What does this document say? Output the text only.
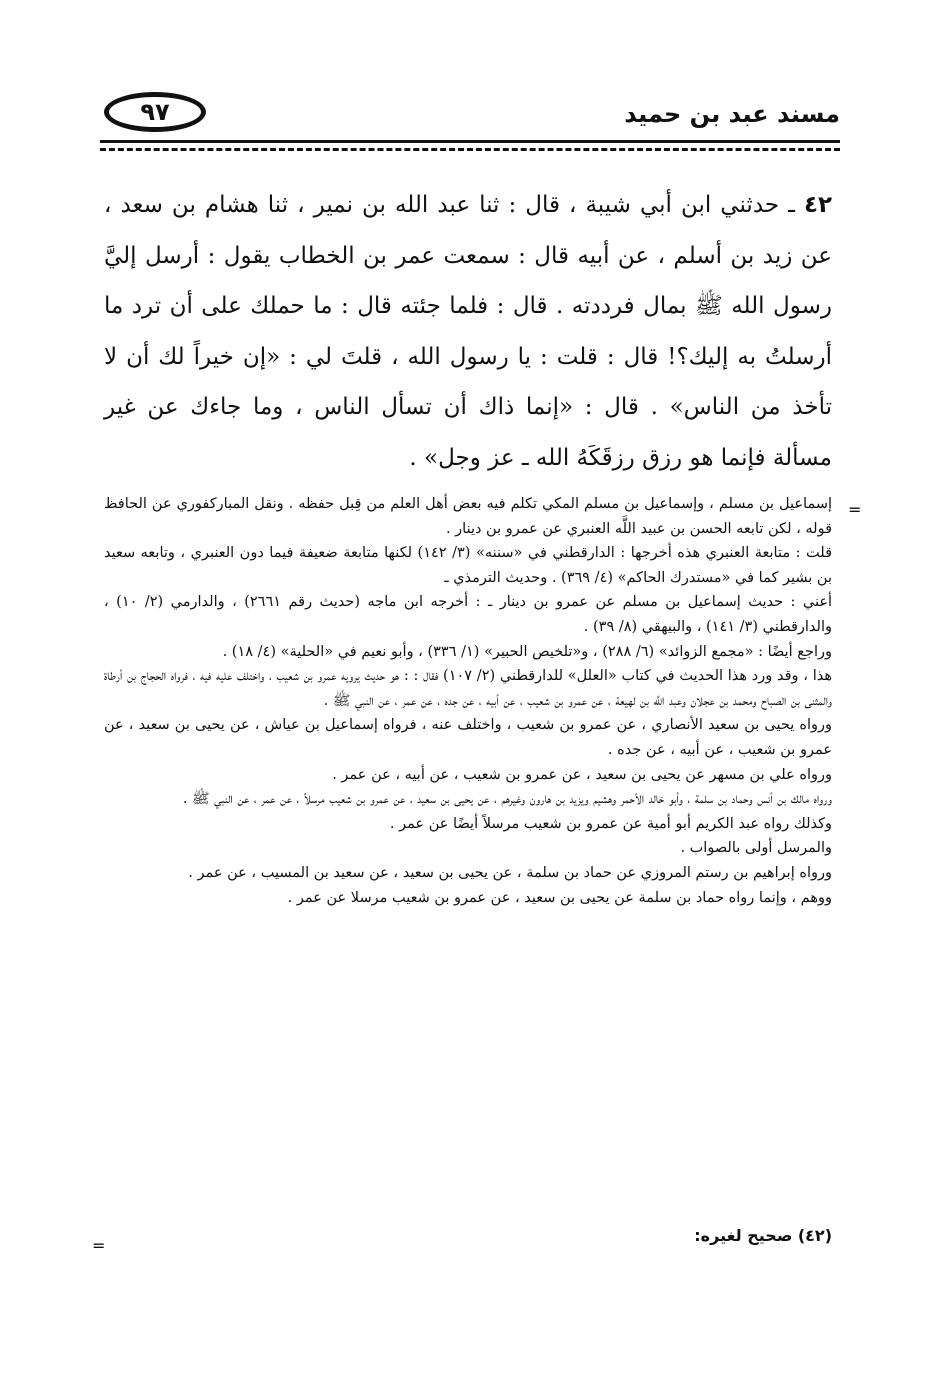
٩٧	مسند عبد بن حميد

٤٢ ـ حدثني ابن أبي شيبة ، قال : ثنا عبد الله بن نمير ، ثنا هشام بن سعد ، عن زيد بن أسلم ، عن أبيه قال : سمعت عمر بن الخطاب يقول : أرسل إليَّ رسول الله ﷺ بمال فرددته . قال : فلما جئته قال : ما حملك على أن ترد ما أرسلتُ به إليك؟! قال : قلت : يا رسول الله ، قلتَ لي : «إن خيراً لك أن لا تأخذ من الناس» . قال : «إنما ذاك أن تسأل الناس ، وما جاءك عن غير مسألة فإنما هو رزق رزقَكَهُ الله ـ عز وجل» .

=

إسماعيل بن مسلم ، وإسماعيل بن مسلم المكي تكلم فيه بعض أهل العلم من قِبل حفظه . ونقل المباركفوري عن الحافظ قوله ، لكن تابعه الحسن بن عبيد اللَّه العنبري عن عمرو بن دينار .

قلت : متابعة العنبري هذه أخرجها : الدارقطني في «سننه» (٣/ ١٤٢) لكنها متابعة ضعيفة فيما دون العنبري ، وتابعه سعيد بن بشير كما في «مستدرك الحاكم» (٤/ ٣٦٩) . وحديث الترمذي ـ

أعني : حديث إسماعيل بن مسلم عن عمرو بن دينار ـ : أخرجه ابن ماجه (حديث رقم ٢٦٦١) ، والدارمي (٢/ ١٠) ، والدارقطني (٣/ ١٤١) ، والبيهقي (٨/ ٣٩) .

وراجع أيضًا : «مجمع الزوائد» (٦/ ٢٨٨) ، و«تلخيص الحبير» (١/ ٣٣٦) ، وأبو نعيم في «الحلية» (٤/ ١٨) .

هذا ، وقد ورد هذا الحديث في كتاب «العلل» للدارقطني (٢/ ١٠٧) فقال : : هو حديث يرويه عمرو بن شعيب ، واختلف عليه فيه ، فرواه الحجاج بن أرطاة والمثنى بن الصباح ومحمد بن عجلان وعبد اللَّه بن لهيعة ، عن عمرو بن شعيب ، عن أبيه ، عن جده ، عن عمر ، عن النبي ﷺ .

ورواه يحيى بن سعيد الأنصاري ، عن عمرو بن شعيب ، واختلف عنه ، فرواه إسماعيل بن عياش ، عن يحيى بن سعيد ، عن عمرو بن شعيب ، عن أبيه ، عن جده .

ورواه علي بن مسهر عن يحيى بن سعيد ، عن عمرو بن شعيب ، عن أبيه ، عن عمر .

ورواه مالك بن أنس وحماد بن سلمة ، وأبو خالد الأحمر وهشيم ويزيد بن هارون وغيرهم ، عن يحيى بن سعيد ، عن عمرو بن شعيب مرسلاً ، عن عمر ، عن النبي ﷺ .

وكذلك رواه عبد الكريم أبو أمية عن عمرو بن شعيب مرسلاً أيضًا عن عمر .

والمرسل أولى بالصواب .

ورواه إبراهيم بن رستم المروزي عن حماد بن سلمة ، عن يحيى بن سعيد ، عن سعيد بن المسيب ، عن عمر .

ووهم ، وإنما رواه حماد بن سلمة عن يحيى بن سعيد ، عن عمرو بن شعيب مرسلا عن عمر .

=

(٤٢) صحيح لغيره:
